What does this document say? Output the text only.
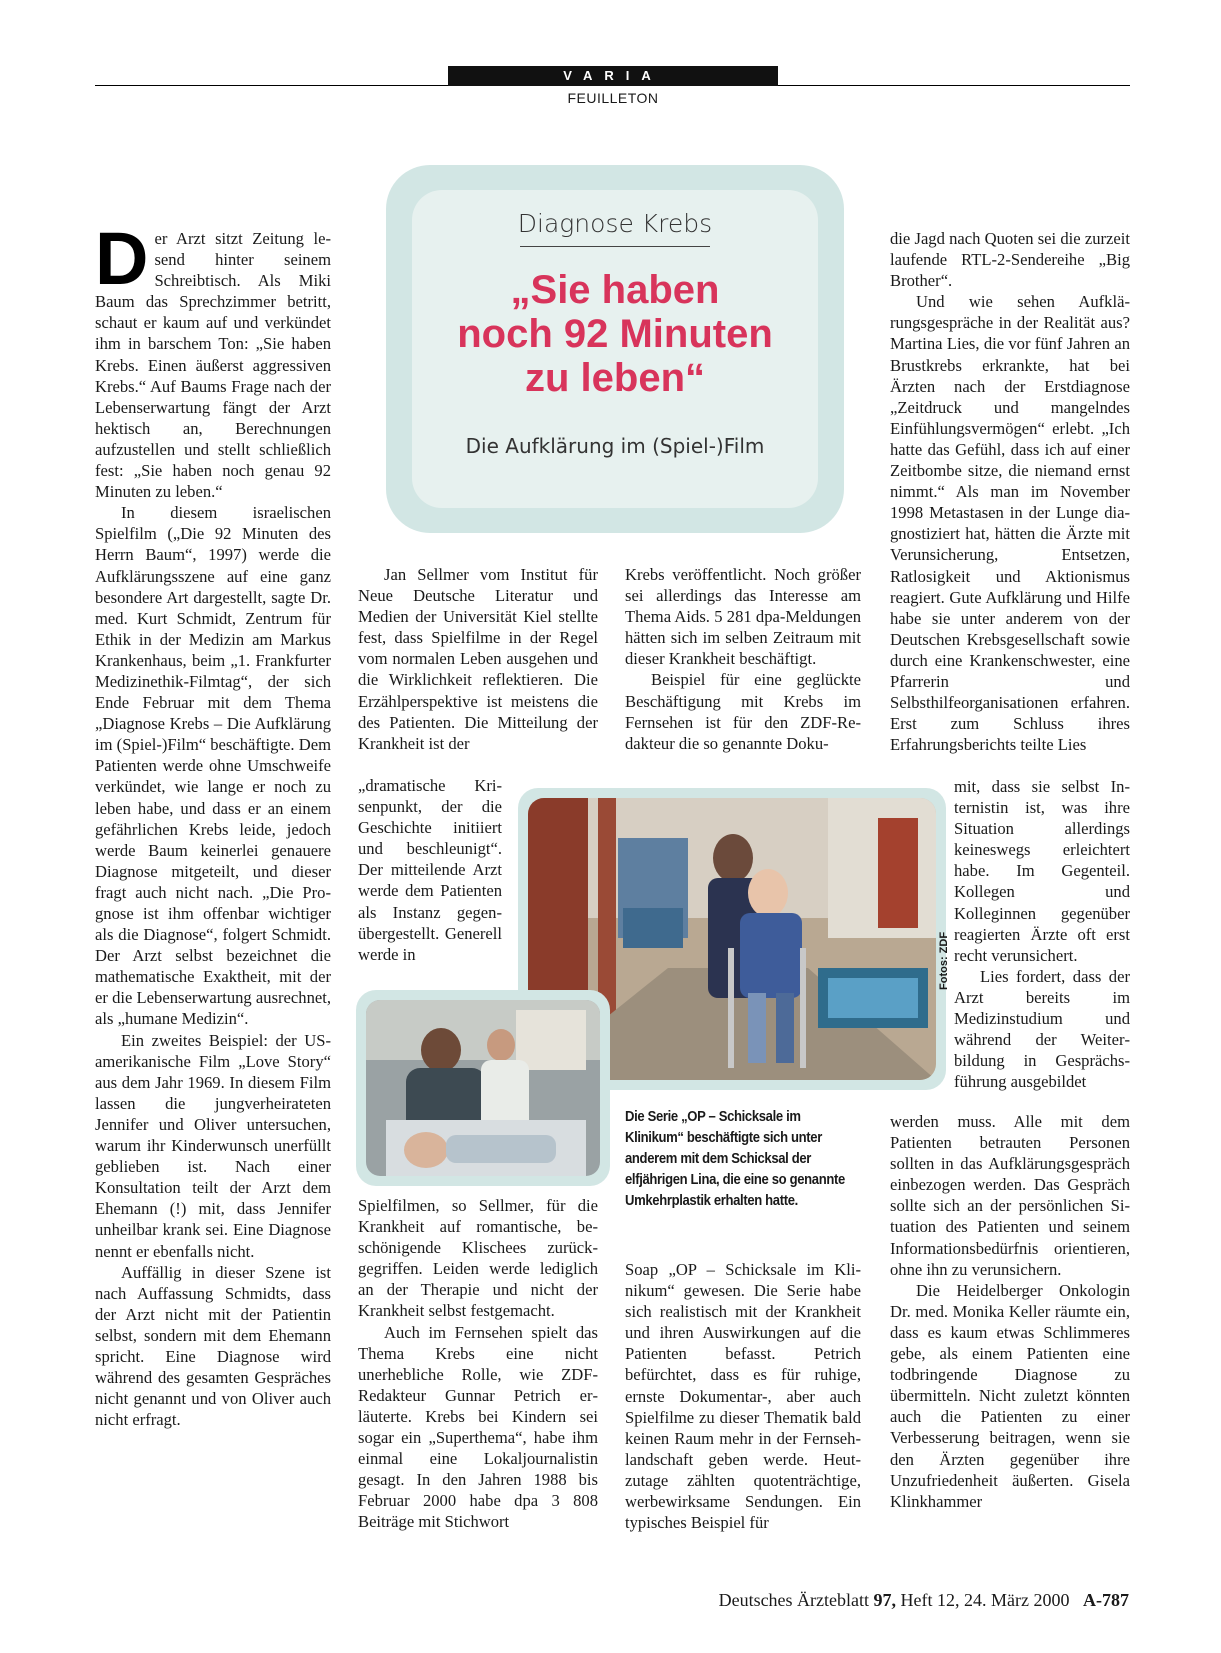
VARIA
FEUILLETON
Diagnose Krebs
„Sie haben
noch 92 Minuten
zu leben“
Die Aufklärung im (Spiel-)Film

Der Arzt sitzt Zeitung lesend hinter seinem Schreibtisch. Als Miki Baum das Sprechzimmer betritt, schaut er kaum auf und verkündet ihm in barschem Ton: „Sie haben Krebs. Einen äußerst aggressiven Krebs.“ Auf Baums Frage nach der Lebenserwartung fängt der Arzt hektisch an, Berechnungen aufzustellen und stellt schließlich fest: „Sie haben noch genau 92 Minuten zu leben.“

In diesem israelischen Spielfilm („Die 92 Minuten des Herrn Baum“, 1997) werde die Aufklärungsszene auf eine ganz besondere Art dargestellt, sagte Dr. med. Kurt Schmidt, Zentrum für Ethik in der Medizin am Markus Krankenhaus, beim „1. Frankfurter Medizinethik-Filmtag“, der sich Ende Februar mit dem Thema „Diagnose Krebs – Die Aufklärung im (Spiel-)Film“ beschäftigte. Dem Patienten werde ohne Umschweife verkündet, wie lange er noch zu leben habe, und dass er an einem gefährlichen Krebs leide, jedoch werde Baum keinerlei genauere Diagnose mitgeteilt, und dieser fragt auch nicht nach. „Die Prognose ist ihm offenbar wichtiger als die Diagnose“, folgert Schmidt. Der Arzt selbst bezeichnet die mathematische Exaktheit, mit der er die Lebenserwartung ausrechnet, als „humane Medizin“.

Ein zweites Beispiel: der US-amerikanische Film „Love Story“ aus dem Jahr 1969. In diesem Film lassen die jungverheirateten Jennifer und Oliver untersuchen, warum ihr Kinderwunsch unerfüllt geblieben ist. Nach einer Konsultation teilt der Arzt dem Ehemann (!) mit, dass Jennifer unheilbar krank sei. Eine Diagnose nennt er ebenfalls nicht.

Auffällig in dieser Szene ist nach Auffassung Schmidts, dass der Arzt nicht mit der Patientin selbst, sondern mit dem Ehemann spricht. Eine Diagnose wird während des gesamten Gespräches nicht genannt und von Oliver auch nicht erfragt.

Jan Sellmer vom Institut für Neue Deutsche Literatur und Medien der Universität Kiel stellte fest, dass Spielfilme in der Regel vom normalen Leben ausgehen und die Wirklichkeit reflektieren. Die Erzählperspektive ist meistens die des Patienten. Die Mitteilung der Krankheit ist der

„dramatische Krisenpunkt, der die Geschichte initiiert und beschleunigt“. Der mitteilende Arzt werde dem Patienten als Instanz gegenübergestellt. Generell werde in

Spielfilmen, so Sellmer, für die Krankheit auf romantische, beschönigende Klischees zurückgegriffen. Leiden werde lediglich an der Therapie und nicht der Krankheit selbst festgemacht.

Auch im Fernsehen spielt das Thema Krebs eine nicht unerhebliche Rolle, wie ZDF-Redakteur Gunnar Petrich erläuterte. Krebs bei Kindern sei sogar ein „Superthema“, habe ihm einmal eine Lokaljournalistin gesagt. In den Jahren 1988 bis Februar 2000 habe dpa 3 808 Beiträge mit Stichwort

Krebs veröffentlicht. Noch größer sei allerdings das Interesse am Thema Aids. 5 281 dpa-Meldungen hätten sich im selben Zeitraum mit dieser Krankheit beschäftigt.

Beispiel für eine geglückte Beschäftigung mit Krebs im Fernsehen ist für den ZDF-Redakteur die so genannte Doku-

Soap „OP – Schicksale im Klinikum“ gewesen. Die Serie habe sich realistisch mit der Krankheit und ihren Auswirkungen auf die Patienten befasst. Petrich befürchtet, dass es für ruhige, ernste Dokumentar-, aber auch Spielfilme zu dieser Thematik bald keinen Raum mehr in der Fernsehlandschaft geben werde. Heutzutage zählten quotenträchtige, werbewirksame Sendungen. Ein typisches Beispiel für

die Jagd nach Quoten sei die zurzeit laufende RTL-2-Sendereihe „Big Brother“.

Und wie sehen Aufklärungsgespräche in der Realität aus? Martina Lies, die vor fünf Jahren an Brustkrebs erkrankte, hat bei Ärzten nach der Erstdiagnose „Zeitdruck und mangelndes Einfühlungsvermögen“ erlebt. „Ich hatte das Gefühl, dass ich auf einer Zeitbombe sitze, die niemand ernst nimmt.“ Als man im November 1998 Metastasen in der Lunge diagnostiziert hat, hätten die Ärzte mit Verunsicherung, Entsetzen, Ratlosigkeit und Aktionismus reagiert. Gute Aufklärung und Hilfe habe sie unter anderem von der Deutschen Krebsgesellschaft sowie durch eine Krankenschwester, eine Pfarrerin und Selbsthilfeorganisationen erfahren. Erst zum Schluss ihres Erfahrungsberichts teilte Lies

mit, dass sie selbst Internistin ist, was ihre Situation allerdings keineswegs erleichtert habe. Im Gegenteil. Kollegen und Kolleginnen gegenüber reagierten Ärzte oft erst recht verunsichert.

Lies fordert, dass der Arzt bereits im Medizinstudium und während der Weiterbildung in Gesprächsführung ausgebildet

werden muss. Alle mit dem Patienten betrauten Personen sollten in das Aufklärungsgespräch einbezogen werden. Das Gespräch sollte sich an der persönlichen Situation des Patienten und seinem Informationsbedürfnis orientieren, ohne ihn zu verunsichern.

Die Heidelberger Onkologin Dr. med. Monika Keller räumte ein, dass es kaum etwas Schlimmeres gebe, als einem Patienten eine todbringende Diagnose zu übermitteln. Nicht zuletzt könnten auch die Patienten zu einer Verbesserung beitragen, wenn sie den Ärzten gegenüber ihre Unzufriedenheit äußerten. Gisela Klinkhammer

Fotos: ZDF
Die Serie „OP – Schicksale im Klinikum“ beschäftigte sich unter anderem mit dem Schicksal der elfjährigen Lina, die eine so genannte Umkehrplastik erhalten hatte.
Deutsches Ärzteblatt 97, Heft 12, 24. März 2000 A-787
